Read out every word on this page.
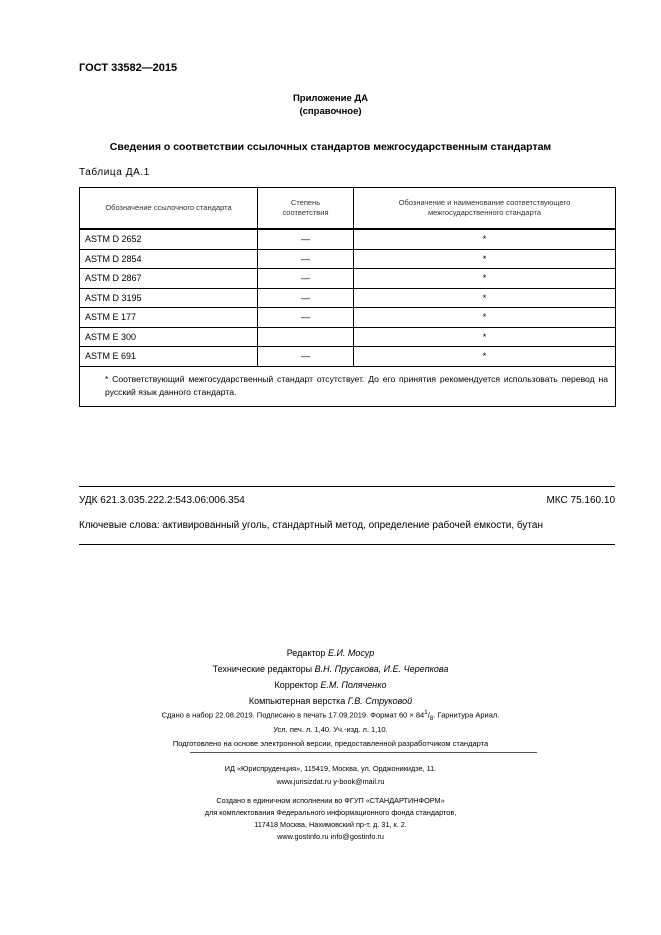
ГОСТ 33582—2015
Приложение ДА
(справочное)
Сведения о соответствии ссылочных стандартов межгосударственным стандартам
Таблица ДА.1
Обозначение ссылочного стандарта	Степень соответствия	Обозначение и наименование соответствующего межгосударственного стандарта
ASTM D 2652	—	*
ASTM D 2854	—	*
ASTM D 2867	—	*
ASTM D 3195	—	*
ASTM E 177	—	*
ASTM E 300		*
ASTM E 691	—	*

* Соответствующий межгосударственный стандарт отсутствует. До его принятия рекомендуется использовать перевод на русский язык данного стандарта.		
УДК 621.3.035.222.2:543.06:006.354	МКС 75.160.10
Ключевые слова: активированный уголь, стандартный метод, определение рабочей емкости, бутан
Редактор Е.И. Мосур
Технические редакторы В.Н. Прусакова, И.Е. Черепкова
Корректор Е.М. Поляченко
Компьютерная верстка Г.В. Струковой
Сдано в набор 22.08.2019. Подписано в печать 17.09.2019. Формат $60 \times 84^1/_8$. Гарнитура Ариал.
Усл. печ. л. 1,40. Уч.-изд. л. 1,10.
Подготовлено на основе электронной версии, предоставленной разработчиком стандарта
ИД «Юриспруденция», 115419, Москва, ул. Орджоникидзе, 11.
www.jurisizdat.ru y-book@mail.ru
Создано в единичном исполнении во ФГУП «СТАНДАРТИНФОРМ»
для комплектования Федерального информационного фонда стандартов,
117418 Москва, Нахимовский пр-т, д. 31, к. 2.
www.gostinfo.ru info@gostinfo.ru
